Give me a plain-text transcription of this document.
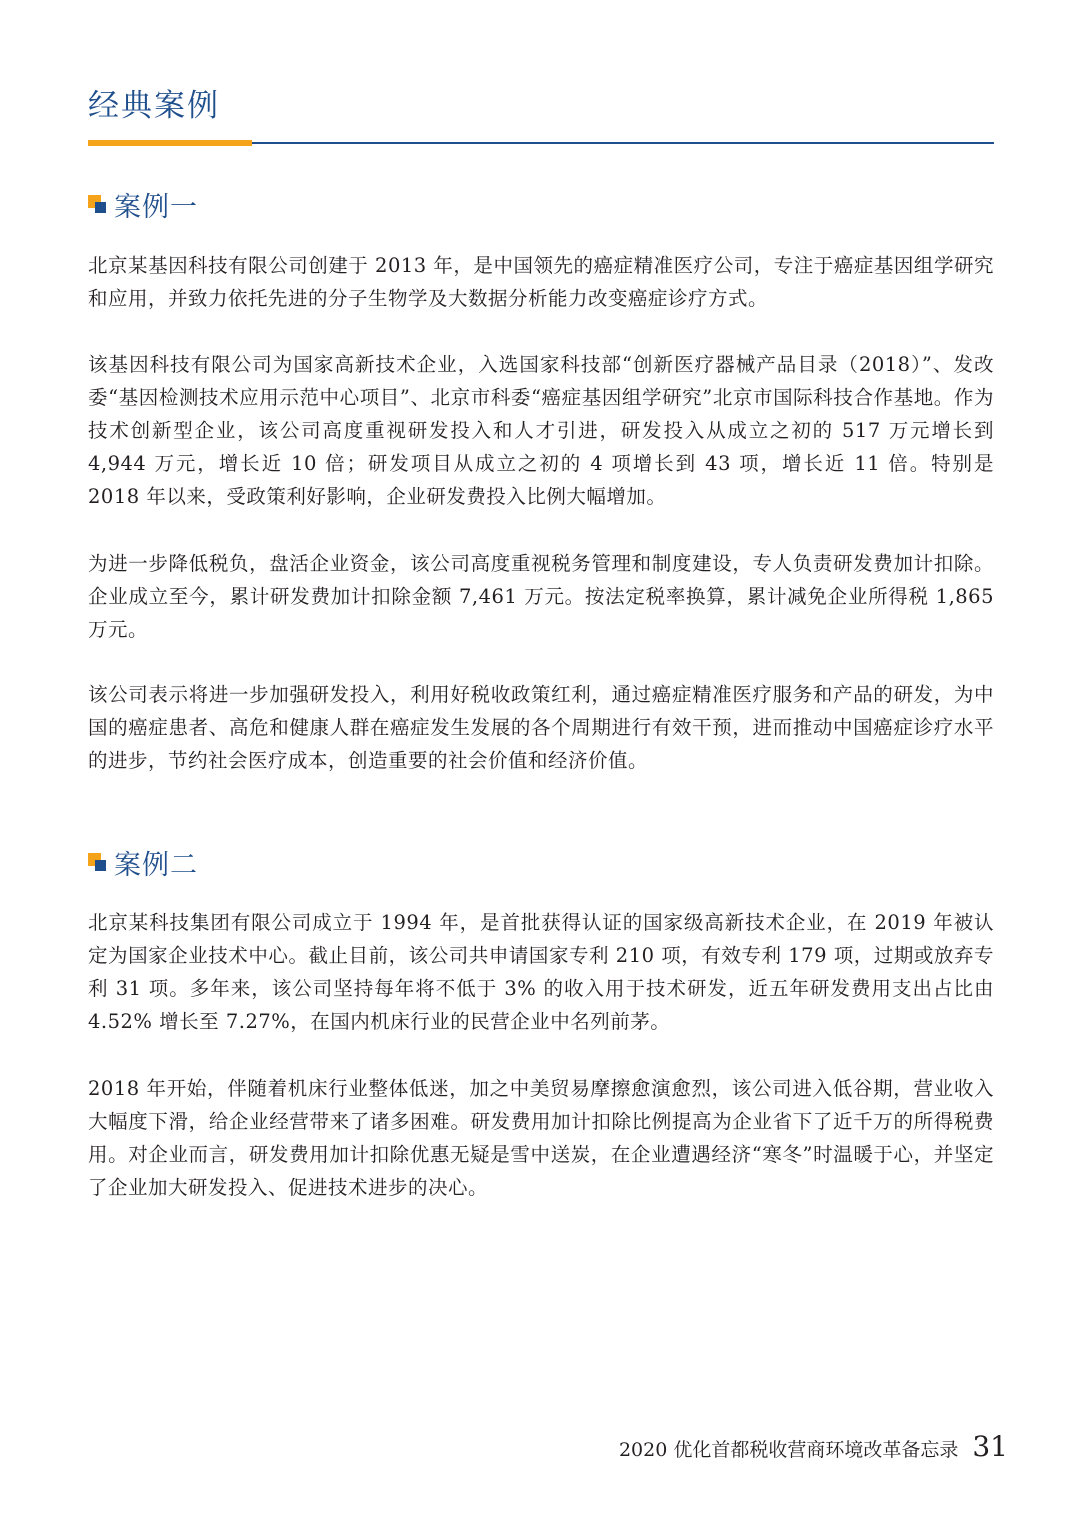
经典案例
案例一

北京某基因科技有限公司创建于 2013 年，是中国领先的癌症精准医疗公司，专注于癌症基因组学研究和应用，并致力依托先进的分子生物学及大数据分析能力改变癌症诊疗方式。

该基因科技有限公司为国家高新技术企业，入选国家科技部“创新医疗器械产品目录（2018）”、发改委“基因检测技术应用示范中心项目”、北京市科委“癌症基因组学研究”北京市国际科技合作基地。作为技术创新型企业，该公司高度重视研发投入和人才引进，研发投入从成立之初的 517 万元增长到 4,944 万元，增长近 10 倍；研发项目从成立之初的 4 项增长到 43 项，增长近 11 倍。特别是 2018 年以来，受政策利好影响，企业研发费投入比例大幅增加。

为进一步降低税负，盘活企业资金，该公司高度重视税务管理和制度建设，专人负责研发费加计扣除。企业成立至今，累计研发费加计扣除金额 7,461 万元。按法定税率换算，累计减免企业所得税 1,865 万元。

该公司表示将进一步加强研发投入，利用好税收政策红利，通过癌症精准医疗服务和产品的研发，为中国的癌症患者、高危和健康人群在癌症发生发展的各个周期进行有效干预，进而推动中国癌症诊疗水平的进步，节约社会医疗成本，创造重要的社会价值和经济价值。

案例二

北京某科技集团有限公司成立于 1994 年，是首批获得认证的国家级高新技术企业，在 2019 年被认定为国家企业技术中心。截止目前，该公司共申请国家专利 210 项，有效专利 179 项，过期或放弃专利 31 项。多年来，该公司坚持每年将不低于 3% 的收入用于技术研发，近五年研发费用支出占比由 4.52% 增长至 7.27%，在国内机床行业的民营企业中名列前茅。

2018 年开始，伴随着机床行业整体低迷，加之中美贸易摩擦愈演愈烈，该公司进入低谷期，营业收入大幅度下滑，给企业经营带来了诸多困难。研发费用加计扣除比例提高为企业省下了近千万的所得税费用。对企业而言，研发费用加计扣除优惠无疑是雪中送炭，在企业遭遇经济“寒冬”时温暖于心，并坚定了企业加大研发投入、促进技术进步的决心。

2020 优化首都税收营商环境改革备忘录 31
